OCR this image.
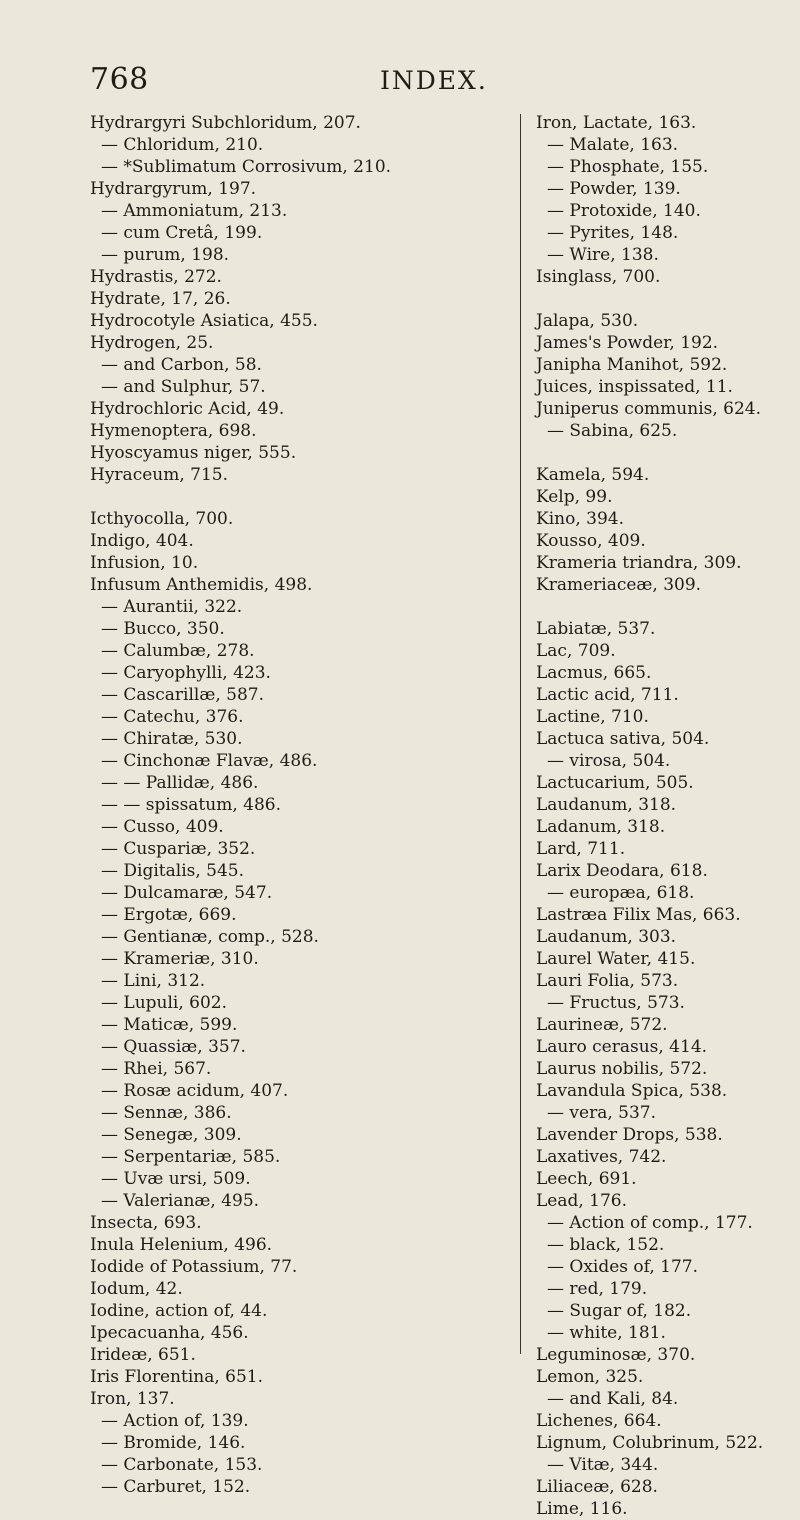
768	INDEX.
Hydrargyri Subchloridum, 207.
— Chloridum, 210.
— *Sublimatum Corrosivum, 210.
Hydrargyrum, 197.
— Ammoniatum, 213.
— cum Cretâ, 199.
— purum, 198.
Hydrastis, 272.
Hydrate, 17, 26.
Hydrocotyle Asiatica, 455.
Hydrogen, 25.
— and Carbon, 58.
— and Sulphur, 57.
Hydrochloric Acid, 49.
Hymenoptera, 698.
Hyoscyamus niger, 555.
Hyraceum, 715.
Icthyocolla, 700.
Indigo, 404.
Infusion, 10.
Infusum Anthemidis, 498.
— Aurantii, 322.
— Bucco, 350.
— Calumbæ, 278.
— Caryophylli, 423.
— Cascarillæ, 587.
— Catechu, 376.
— Chiratæ, 530.
— Cinchonæ Flavæ, 486.
— — Pallidæ, 486.
— — spissatum, 486.
— Cusso, 409.
— Cuspariæ, 352.
— Digitalis, 545.
— Dulcamaræ, 547.
— Ergotæ, 669.
— Gentianæ, comp., 528.
— Krameriæ, 310.
— Lini, 312.
— Lupuli, 602.
— Maticæ, 599.
— Quassiæ, 357.
— Rhei, 567.
— Rosæ acidum, 407.
— Sennæ, 386.
— Senegæ, 309.
— Serpentariæ, 585.
— Uvæ ursi, 509.
— Valerianæ, 495.
Insecta, 693.
Inula Helenium, 496.
Iodide of Potassium, 77.
Iodum, 42.
Iodine, action of, 44.
Ipecacuanha, 456.
Irideæ, 651.
Iris Florentina, 651.
Iron, 137.
— Action of, 139.
— Bromide, 146.
— Carbonate, 153.
— Carburet, 152.
Iron, Lactate, 163.
— Malate, 163.
— Phosphate, 155.
— Powder, 139.
— Protoxide, 140.
— Pyrites, 148.
— Wire, 138.
Isinglass, 700.
Jalapa, 530.
James's Powder, 192.
Janipha Manihot, 592.
Juices, inspissated, 11.
Juniperus communis, 624.
— Sabina, 625.
Kamela, 594.
Kelp, 99.
Kino, 394.
Kousso, 409.
Krameria triandra, 309.
Krameriaceæ, 309.
Labiatæ, 537.
Lac, 709.
Lacmus, 665.
Lactic acid, 711.
Lactine, 710.
Lactuca sativa, 504.
— virosa, 504.
Lactucarium, 505.
Laudanum, 318.
Ladanum, 318.
Lard, 711.
Larix Deodara, 618.
— europæa, 618.
Lastræa Filix Mas, 663.
Laudanum, 303.
Laurel Water, 415.
Lauri Folia, 573.
— Fructus, 573.
Laurineæ, 572.
Lauro cerasus, 414.
Laurus nobilis, 572.
Lavandula Spica, 538.
— vera, 537.
Lavender Drops, 538.
Laxatives, 742.
Leech, 691.
Lead, 176.
— Action of comp., 177.
— black, 152.
— Oxides of, 177.
— red, 179.
— Sugar of, 182.
— white, 181.
Leguminosæ, 370.
Lemon, 325.
— and Kali, 84.
Lichenes, 664.
Lignum, Colubrinum, 522.
— Vitæ, 344.
Liliaceæ, 628.
Lime, 116.
